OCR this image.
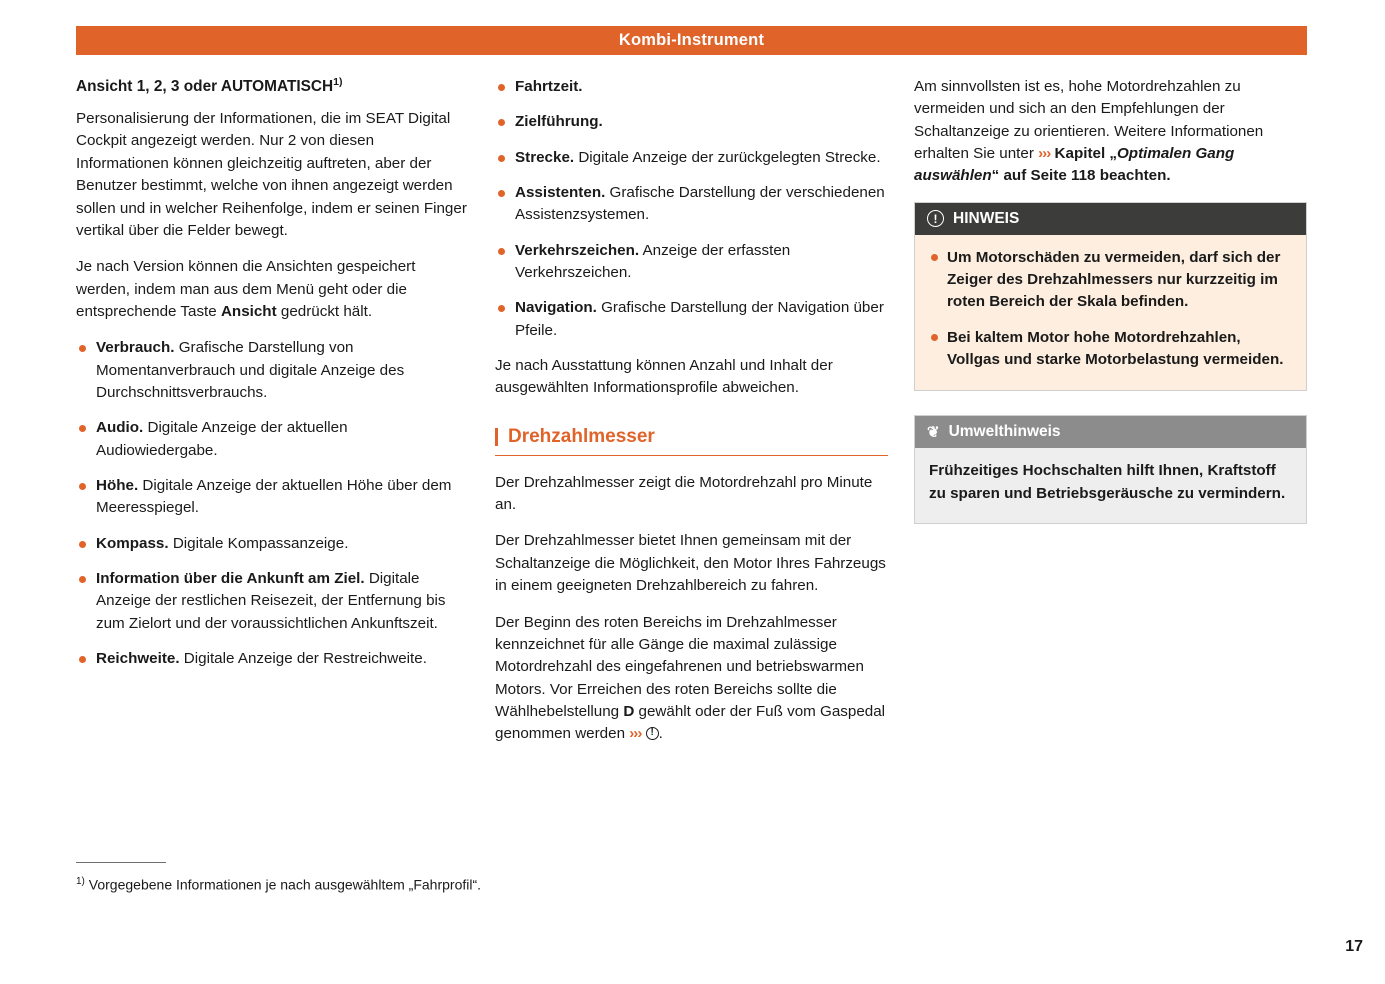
Kombi-Instrument
Ansicht 1, 2, 3 oder AUTOMATISCH$^{1)}$

Personalisierung der Informationen, die im SEAT Digital Cockpit angezeigt werden. Nur 2 von diesen Informationen können gleichzeitig auftreten, aber der Benutzer bestimmt, welche von ihnen angezeigt werden sollen und in welcher Reihenfolge, indem er seinen Finger vertikal über die Felder bewegt.

Je nach Version können die Ansichten gespeichert werden, indem man aus dem Menü geht oder die entsprechende Taste Ansicht gedrückt hält.

Verbrauch. Grafische Darstellung von Momentanverbrauch und digitale Anzeige des Durchschnittsverbrauchs.
Audio. Digitale Anzeige der aktuellen Audiowiedergabe.
Höhe. Digitale Anzeige der aktuellen Höhe über dem Meeresspiegel.
Kompass. Digitale Kompassanzeige.
Information über die Ankunft am Ziel. Digitale Anzeige der restlichen Reisezeit, der Entfernung bis zum Zielort und der voraussichtlichen Ankunftszeit.
Reichweite. Digitale Anzeige der Restreichweite.
Fahrtzeit.
Zielführung.
Strecke. Digitale Anzeige der zurückgelegten Strecke.
Assistenten. Grafische Darstellung der verschiedenen Assistenzsystemen.
Verkehrszeichen. Anzeige der erfassten Verkehrszeichen.
Navigation. Grafische Darstellung der Navigation über Pfeile.

Je nach Ausstattung können Anzahl und Inhalt der ausgewählten Informationsprofile abweichen.

Drehzahlmesser

Der Drehzahlmesser zeigt die Motordrehzahl pro Minute an.

Der Drehzahlmesser bietet Ihnen gemeinsam mit der Schaltanzeige die Möglichkeit, den Motor Ihres Fahrzeugs in einem geeigneten Drehzahlbereich zu fahren.

Der Beginn des roten Bereichs im Drehzahlmesser kennzeichnet für alle Gänge die maximal zulässige Motordrehzahl des eingefahrenen und betriebswarmen Motors. Vor Erreichen des roten Bereichs sollte die Wählhebelstellung D gewählt oder der Fuß vom Gaspedal genommen werden ››› ! .

Am sinnvollsten ist es, hohe Motordrehzahlen zu vermeiden und sich an den Empfehlungen der Schaltanzeige zu orientieren. Weitere Informationen erhalten Sie unter ››› Kapitel „Optimalen Gang auswählen“ auf Seite 118 beachten.

!	HINWEIS
Um Motorschäden zu vermeiden, darf sich der Zeiger des Drehzahlmessers nur kurzzeitig im roten Bereich der Skala befinden.
Bei kaltem Motor hohe Motordrehzahlen, Vollgas und starke Motorbelastung vermeiden.
❦ Umwelthinweis

Frühzeitiges Hochschalten hilft Ihnen, Kraftstoff zu sparen und Betriebsgeräusche zu vermindern.

$^{1)}$ Vorgegebene Informationen je nach ausgewähltem „Fahrprofil“.
17
